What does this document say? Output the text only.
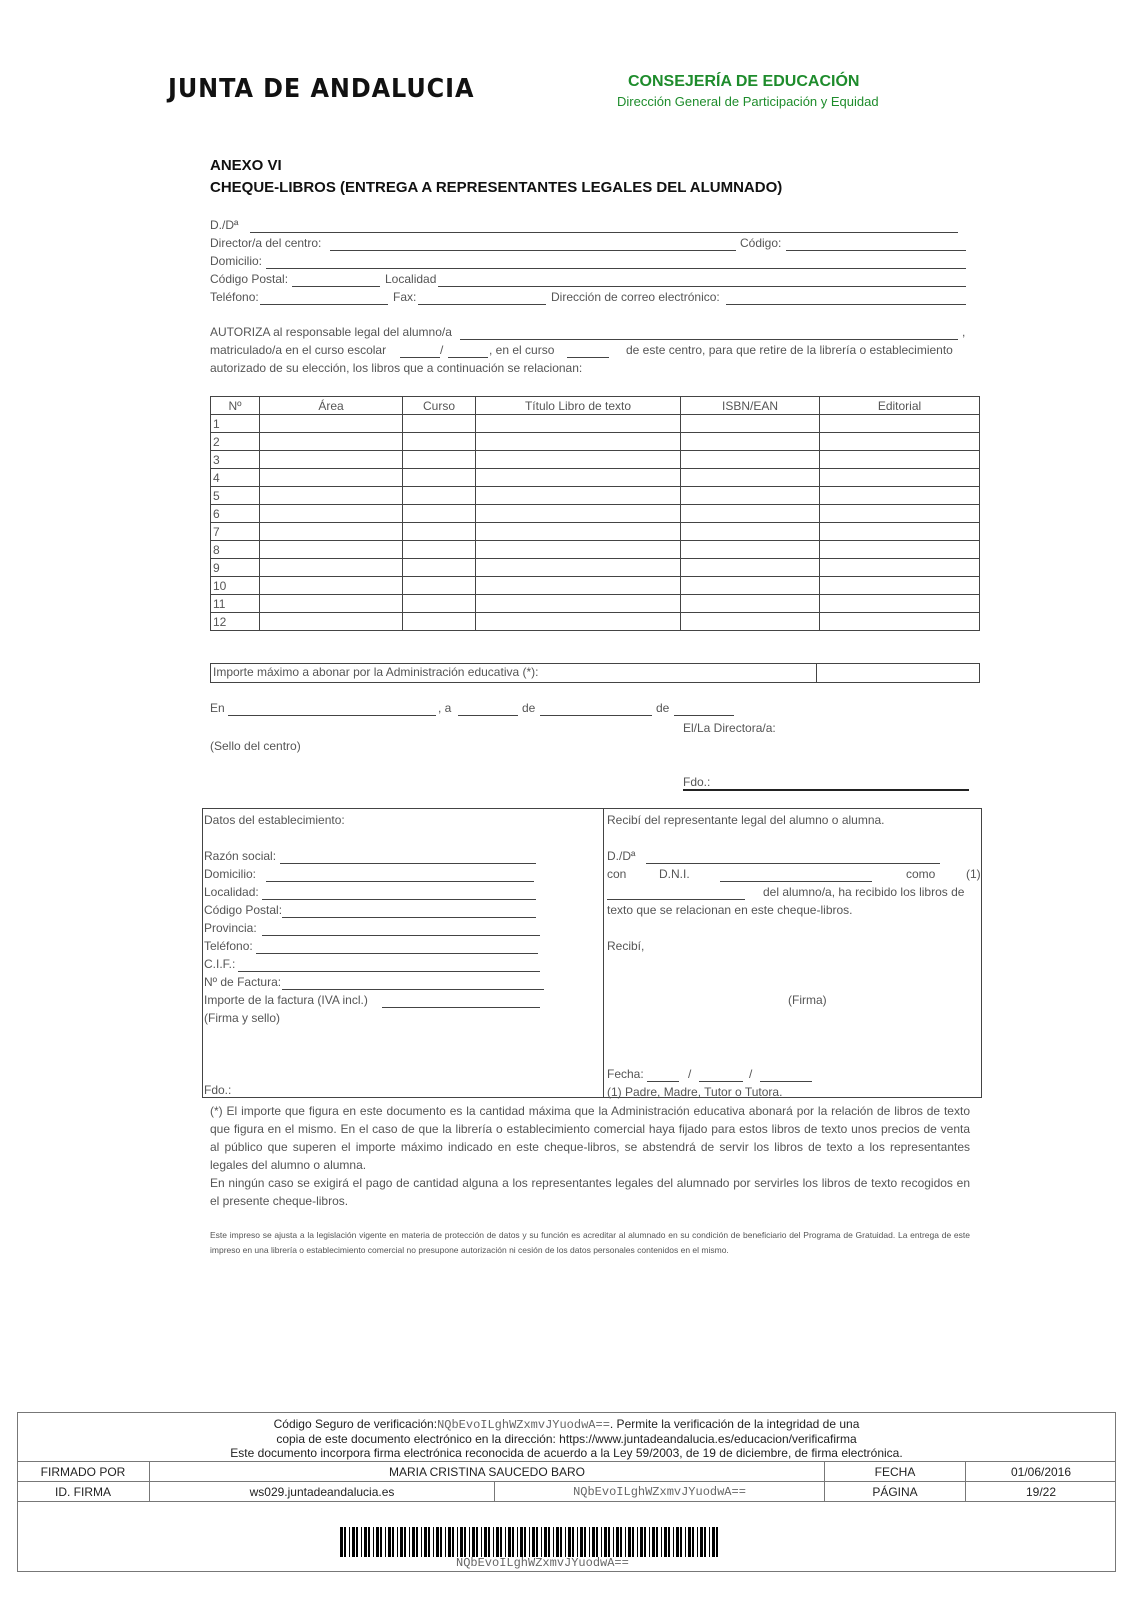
JUNTA DE ANDALUCIA	CONSEJERÍA DE EDUCACIÓN
Dirección General de Participación y Equidad
ANEXO VI
CHEQUE-LIBROS (ENTREGA A REPRESENTANTES LEGALES DEL ALUMNADO)
D./Dª
Director/a del centro:	Código:
Domicilio:
Código Postal:	Localidad
Teléfono:	Fax:	Dirección de correo electrónico:
AUTORIZA al responsable legal del alumno/a	,
matriculado/a en el curso escolar	/	, en el curso	de este centro, para que retire de la librería o establecimiento
autorizado de su elección, los libros que a continuación se relacionan:
Nº	Área	Curso	Título Libro de texto	ISBN/EAN	Editorial
1					
2					
3					
4					
5					
6					
7					
8					
9					
10					
11					
12					
Importe máximo a abonar por la Administración educativa (*):
En	, a	de	de
El/La Directora/a:
(Sello del centro)
Fdo.:
Datos del establecimiento:
Razón social:
Domicilio:
Localidad:
Código Postal:
Provincia:
Teléfono:
C.I.F.:
Nº de Factura:
Importe de la factura (IVA incl.)
(Firma y sello)
Fdo.:
Recibí del representante legal del alumno o alumna.
D./Dª
con	D.N.I.	como	(1)
del alumno/a, ha recibido los libros de
texto que se relacionan en este cheque-libros.
Recibí,
(Firma)
Fecha:	/	/
(1) Padre, Madre, Tutor o Tutora.
(*) El importe que figura en este documento es la cantidad máxima que la Administración educativa abonará por la relación de libros de texto que figura en el mismo. En el caso de que la librería o establecimiento comercial haya fijado para estos libros de texto unos precios de venta al público que superen el importe máximo indicado en este cheque-libros, se abstendrá de servir los libros de texto a los representantes legales del alumno o alumna.
En ningún caso se exigirá el pago de cantidad alguna a los representantes legales del alumnado por servirles los libros de texto recogidos en el presente cheque-libros.
Este impreso se ajusta a la legislación vigente en materia de protección de datos y su función es acreditar al alumnado en su condición de beneficiario del Programa de Gratuidad. La entrega de este impreso en una librería o establecimiento comercial no presupone autorización ni cesión de los datos personales contenidos en el mismo.
Código Seguro de verificación:NQbEvoILghWZxmvJYuodwA==. Permite la verificación de la integridad de una
copia de este documento electrónico en la dirección: https://www.juntadeandalucia.es/educacion/verificafirma
Este documento incorpora firma electrónica reconocida de acuerdo a la Ley 59/2003, de 19 de diciembre, de firma electrónica.
FIRMADO POR	MARIA CRISTINA SAUCEDO BARO	FECHA	01/06/2016
ID. FIRMA	ws029.juntadeandalucia.es	NQbEvoILghWZxmvJYuodwA==	PÁGINA	19/22
NQbEvoILghWZxmvJYuodwA==
